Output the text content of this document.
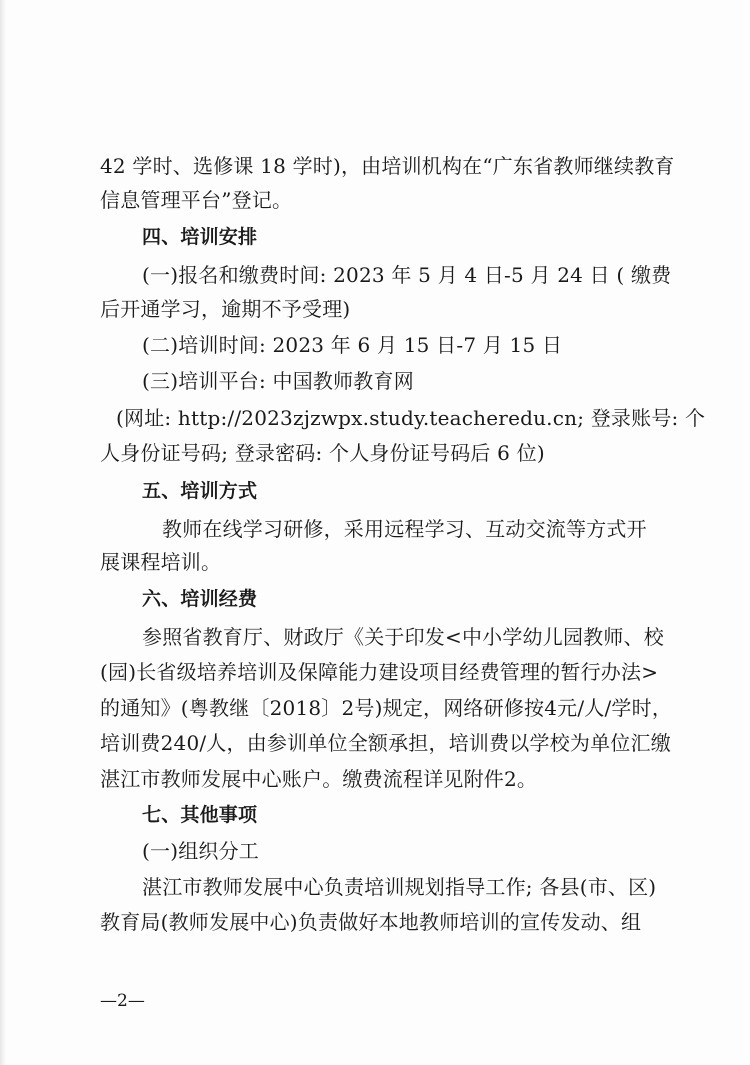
42 学时、选修课 18 学时)，由培训机构在“广东省教师继续教育
信息管理平台”登记。
四、培训安排
(一)报名和缴费时间: 2023 年 5 月 4 日-5 月 24 日 ( 缴费
后开通学习，逾期不予受理)
(二)培训时间: 2023 年 6 月 15 日-7 月 15 日
(三)培训平台: 中国教师教育网
(网址: http://2023zjzwpx.study.teacheredu.cn; 登录账号: 个
人身份证号码; 登录密码: 个人身份证号码后 6 位)
五、培训方式
教师在线学习研修，采用远程学习、互动交流等方式开
展课程培训。
六、培训经费
参照省教育厅、财政厅《关于印发<中小学幼儿园教师、校
(园)长省级培养培训及保障能力建设项目经费管理的暂行办法>
的通知》(粤教继〔2018〕2号)规定，网络研修按4元/人/学时，
培训费240/人，由参训单位全额承担，培训费以学校为单位汇缴
湛江市教师发展中心账户。缴费流程详见附件2。
七、其他事项
(一)组织分工
湛江市教师发展中心负责培训规划指导工作; 各县(市、区)
教育局(教师发展中心)负责做好本地教师培训的宣传发动、组
—2—
